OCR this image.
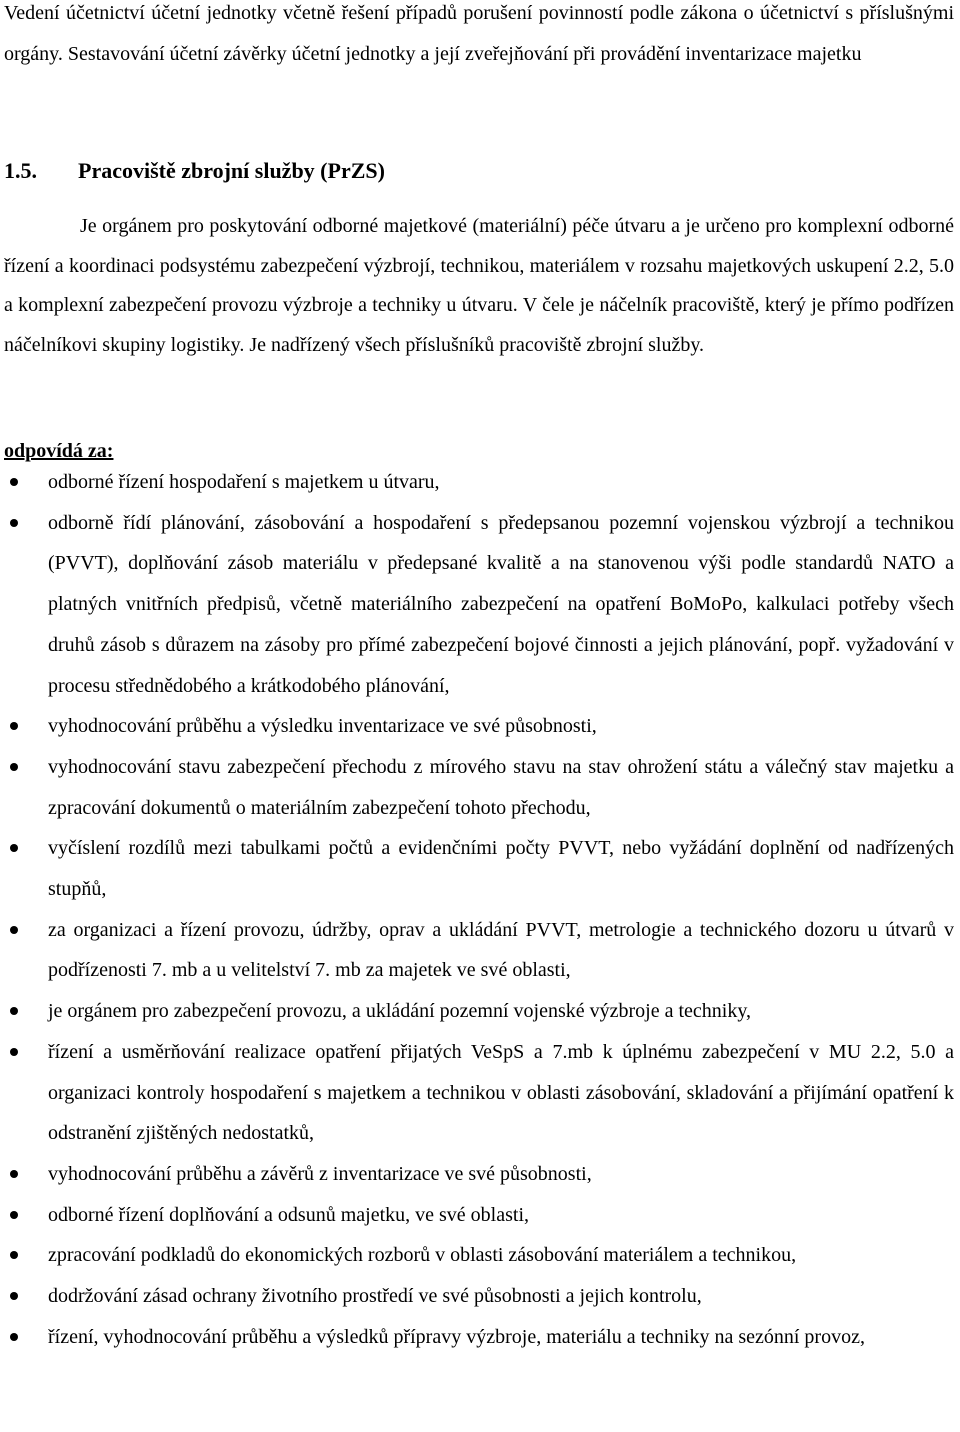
Vedení účetnictví účetní jednotky včetně řešení případů porušení povinností podle zákona o účetnictví s příslušnými orgány. Sestavování účetní závěrky účetní jednotky a její zveřejňování při provádění inventarizace majetku

1.5. Pracoviště zbrojní služby (PrZS)

Je orgánem pro poskytování odborné majetkové (materiální) péče útvaru a je určeno pro komplexní odborné řízení a koordinaci podsystému zabezpečení výzbrojí, technikou, materiálem v rozsahu majetkových uskupení 2.2, 5.0 a komplexní zabezpečení provozu výzbroje a techniky u útvaru. V čele je náčelník pracoviště, který je přímo podřízen náčelníkovi skupiny logistiky. Je nadřízený všech příslušníků pracoviště zbrojní služby.

odpovídá za:
odborné řízení hospodaření s majetkem u útvaru,
odborně řídí plánování, zásobování a hospodaření s předepsanou pozemní vojenskou výzbrojí a technikou (PVVT), doplňování zásob materiálu v předepsané kvalitě a na stanovenou výši podle standardů NATO a platných vnitřních předpisů, včetně materiálního zabezpečení na opatření BoMoPo, kalkulaci potřeby všech druhů zásob s důrazem na zásoby pro přímé zabezpečení bojové činnosti a jejich plánování, popř. vyžadování v procesu střednědobého a krátkodobého plánování,
vyhodnocování průběhu a výsledku inventarizace ve své působnosti,
vyhodnocování stavu zabezpečení přechodu z mírového stavu na stav ohrožení státu a válečný stav majetku a zpracování dokumentů o materiálním zabezpečení tohoto přechodu,
vyčíslení rozdílů mezi tabulkami počtů a evidenčními počty PVVT, nebo vyžádání doplnění od nadřízených stupňů,
za organizaci a řízení provozu, údržby, oprav a ukládání PVVT, metrologie a technického dozoru u útvarů v podřízenosti 7. mb a u velitelství 7. mb za majetek ve své oblasti,
je orgánem pro zabezpečení provozu, a ukládání pozemní vojenské výzbroje a techniky,
řízení a usměrňování realizace opatření přijatých VeSpS a 7.mb k úplnému zabezpečení v MU 2.2, 5.0 a organizaci kontroly hospodaření s majetkem a technikou v oblasti zásobování, skladování a přijímání opatření k odstranění zjištěných nedostatků,
vyhodnocování průběhu a závěrů z inventarizace ve své působnosti,
odborné řízení doplňování a odsunů majetku, ve své oblasti,
zpracování podkladů do ekonomických rozborů v oblasti zásobování materiálem a technikou,
dodržování zásad ochrany životního prostředí ve své působnosti a jejich kontrolu,
řízení, vyhodnocování průběhu a výsledků přípravy výzbroje, materiálu a techniky na sezónní provoz,
